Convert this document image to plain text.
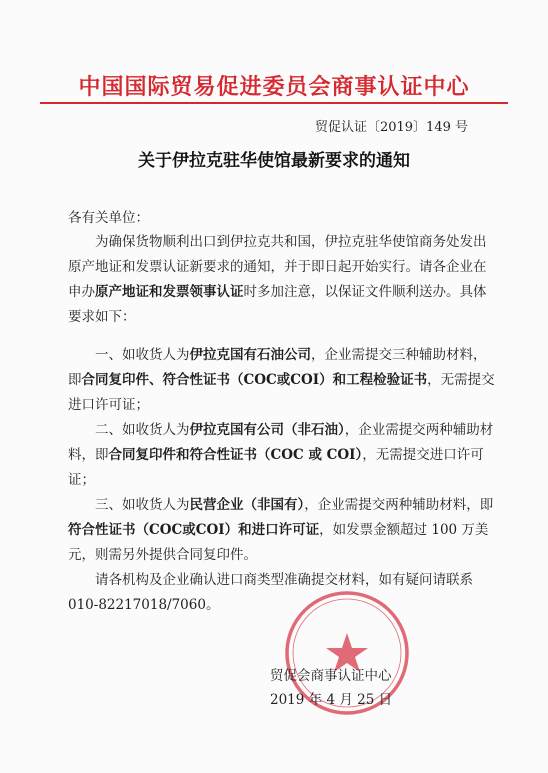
中国国际贸易促进委员会商事认证中心
贸促认证〔2019〕149 号
关于伊拉克驻华使馆最新要求的通知
各有关单位：
为确保货物顺利出口到伊拉克共和国，伊拉克驻华使馆商务处发出原产地证和发票认证新要求的通知，并于即日起开始实行。请各企业在申办原产地证和发票领事认证时多加注意，以保证文件顺利送办。具体要求如下：
一、如收货人为伊拉克国有石油公司，企业需提交三种辅助材料，即合同复印件、符合性证书（COC或COI）和工程检验证书，无需提交进口许可证；
二、如收货人为伊拉克国有公司（非石油），企业需提交两种辅助材料，即合同复印件和符合性证书（COC 或 COI），无需提交进口许可证；
三、如收货人为民营企业（非国有），企业需提交两种辅助材料，即符合性证书（COC或COI）和进口许可证，如发票金额超过 100 万美元，则需另外提供合同复印件。
请各机构及企业确认进口商类型准确提交材料，如有疑问请联系 010-82217018/7060。
贸促会商事认证中心
2019 年 4 月 25 日
